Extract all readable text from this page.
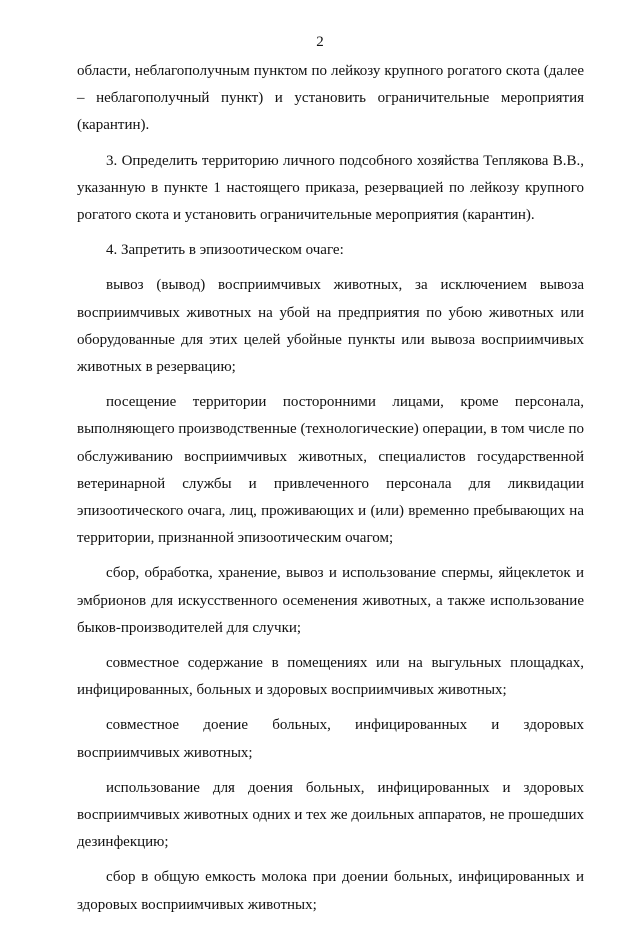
2

области, неблагополучным пунктом по лейкозу крупного рогатого скота (далее – неблагополучный пункт) и установить ограничительные мероприятия (карантин).

3. Определить территорию личного подсобного хозяйства Теплякова В.В., указанную в пункте 1 настоящего приказа, резервацией по лейкозу крупного рогатого скота и установить ограничительные мероприятия (карантин).

4. Запретить в эпизоотическом очаге:

вывоз (вывод) восприимчивых животных, за исключением вывоза восприимчивых животных на убой на предприятия по убою животных или оборудованные для этих целей убойные пункты или вывоза восприимчивых животных в резервацию;

посещение территории посторонними лицами, кроме персонала, выполняющего производственные (технологические) операции, в том числе по обслуживанию восприимчивых животных, специалистов государственной ветеринарной службы и привлеченного персонала для ликвидации эпизоотического очага, лиц, проживающих и (или) временно пребывающих на территории, признанной эпизоотическим очагом;

сбор, обработка, хранение, вывоз и использование спермы, яйцеклеток и эмбрионов для искусственного осеменения животных, а также использование быков-производителей для случки;

совместное содержание в помещениях или на выгульных площадках, инфицированных, больных и здоровых восприимчивых животных;

совместное доение больных, инфицированных и здоровых восприимчивых животных;

использование для доения больных, инфицированных и здоровых восприимчивых животных одних и тех же доильных аппаратов, не прошедших дезинфекцию;

сбор в общую емкость молока при доении больных, инфицированных и здоровых восприимчивых животных;
